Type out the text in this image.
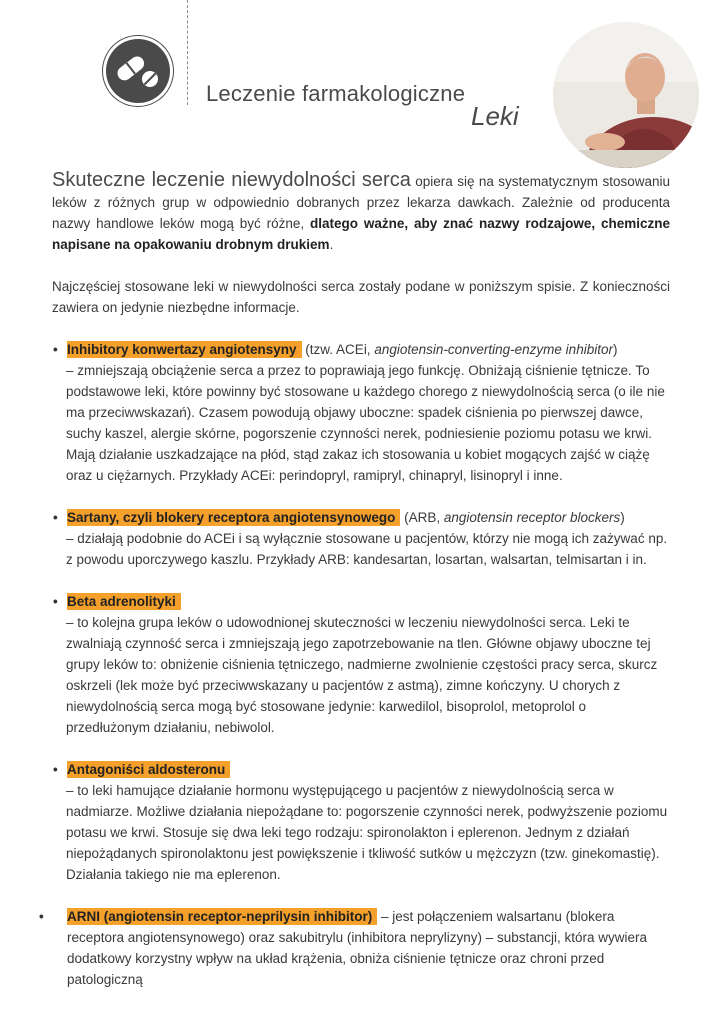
Leczenie farmakologiczne
Leki

Skuteczne leczenie niewydolności serca opiera się na systematycznym stosowaniu leków z różnych grup w odpowiednio dobranych przez lekarza dawkach. Zależnie od producenta nazwy handlowe leków mogą być różne, dlatego ważne, aby znać nazwy rodzajowe, chemiczne napisane na opakowaniu drobnym drukiem.

Najczęściej stosowane leki w niewydolności serca zostały podane w poniższym spisie. Z konieczności zawiera on jedynie niezbędne informacje.

• Inhibitory konwertazy angiotensyny (tzw. ACEi, angiotensin-converting-enzyme inhibitor)
– zmniejszają obciążenie serca a przez to poprawiają jego funkcję. Obniżają ciśnienie tętnicze. To podstawowe leki, które powinny być stosowane u każdego chorego z niewydolnością serca (o ile nie ma przeciwwskazań). Czasem powodują objawy uboczne: spadek ciśnienia po pierwszej dawce, suchy kaszel, alergie skórne, pogorszenie czynności nerek, podniesienie poziomu potasu we krwi. Mają działanie uszkadzające na płód, stąd zakaz ich stosowania u kobiet mogących zajść w ciążę oraz u ciężarnych. Przykłady ACEi: perindopryl, ramipryl, chinapryl, lisinopryl i inne.
• Sartany, czyli blokery receptora angiotensynowego (ARB, angiotensin receptor blockers)
– działają podobnie do ACEi i są wyłącznie stosowane u pacjentów, którzy nie mogą ich zażywać np. z powodu uporczywego kaszlu. Przykłady ARB: kandesartan, losartan, walsartan, telmisartan i in.
• Beta adrenolityki
– to kolejna grupa leków o udowodnionej skuteczności w leczeniu niewydolności serca. Leki te zwalniają czynność serca i zmniejszają jego zapotrzebowanie na tlen. Główne objawy uboczne tej grupy leków to: obniżenie ciśnienia tętniczego, nadmierne zwolnienie częstości pracy serca, skurcz oskrzeli (lek może być przeciwwskazany u pacjentów z astmą), zimne kończyny. U chorych z niewydolnością serca mogą być stosowane jedynie: karwedilol, bisoprolol, metoprolol o przedłużonym działaniu, nebiwolol.
• Antagoniści aldosteronu
– to leki hamujące działanie hormonu występującego u pacjentów z niewydolnością serca w nadmiarze. Możliwe działania niepożądane to: pogorszenie czynności nerek, podwyższenie poziomu potasu we krwi. Stosuje się dwa leki tego rodzaju: spironolakton i eplerenon. Jednym z działań niepożądanych spironolaktonu jest powiększenie i tkliwość sutków u mężczyzn (tzw. ginekomastię). Działania takiego nie ma eplerenon.
• ARNI (angiotensin receptor-neprilysin inhibitor) – jest połączeniem walsartanu (blokera receptora angiotensynowego) oraz sakubitrylu (inhibitora neprylizyny) – substancji, która wywiera dodatkowy korzystny wpływ na układ krążenia, obniża ciśnienie tętnicze oraz chroni przed patologiczną
